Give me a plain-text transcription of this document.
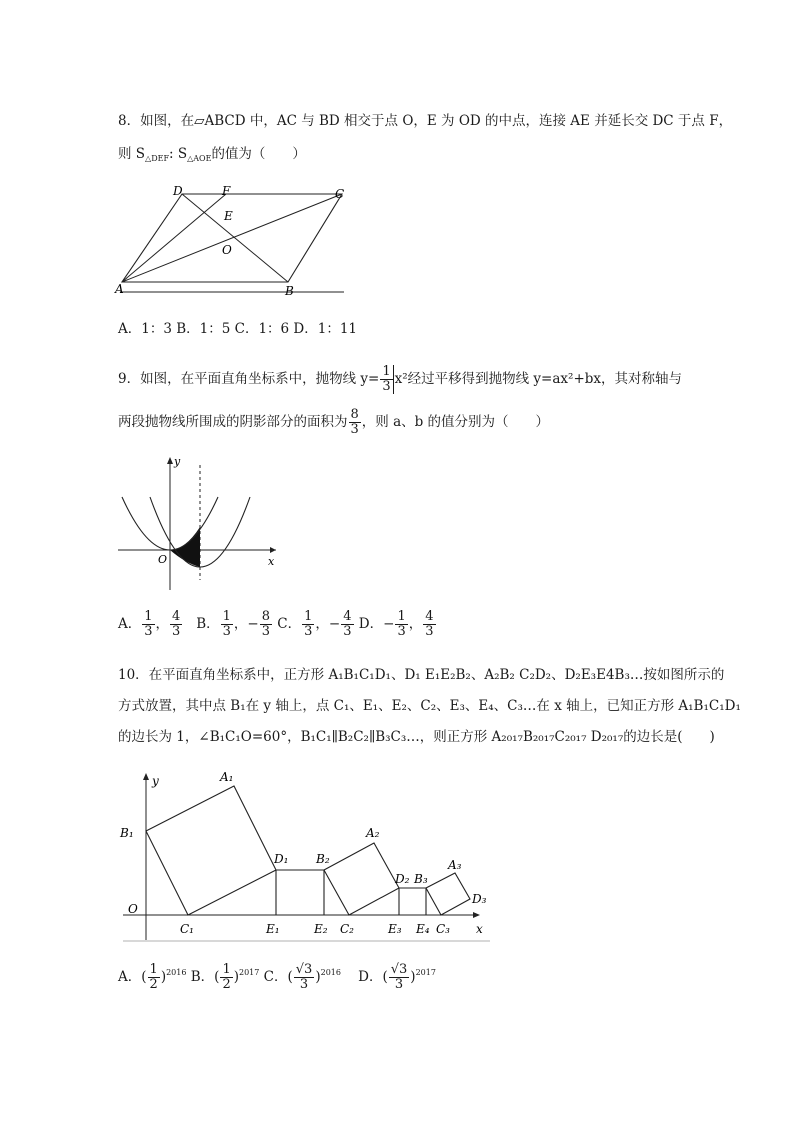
8．如图，在▱ABCD 中，AC 与 BD 相交于点 O，E 为 OD 的中点，连接 AE 并延长交 DC 于点 F，
则 $S_{\triangle DEF}$: $S_{\triangle AOE}$的值为（　　）
A	B
C
D	F
E
O
A．1：3 B．1：5 C．1：6 D．1：11
9．如图，在平面直角坐标系中，抛物线 $y= \frac{1}{3} x^2$经过平移得到抛物线 y=ax²+bx，其对称轴与
两段抛物线所围成的阴影部分的面积为 $\frac{8}{3}$ ，则 a、b 的值分别为（　　）
y
x
O
A． $\frac{1}{3}$ ， $\frac{4}{3}$ B． $\frac{1}{3}$ ，− $\frac{8}{3}$ C． $\frac{1}{3}$ ，− $\frac{4}{3}$ D．− $\frac{1}{3}$ ， $\frac{4}{3}$
10．在平面直角坐标系中，正方形 A₁B₁C₁D₁、D₁ E₁E₂B₂、A₂B₂ C₂D₂、D₂E₃E4B₃…按如图所示的
方式放置，其中点 B₁在 y 轴上，点 C₁、E₁、E₂、C₂、E₃、E₄、C₃…在 x 轴上，已知正方形 A₁B₁C₁D₁
的边长为 1，∠B₁C₁O=60°，B₁C₁∥B₂C₂∥B₃C₃…，则正方形 A₂₀₁₇B₂₀₁₇C₂₀₁₇ D₂₀₁₇的边长是(　　)
y
x
O
A₁
B₁
C₁
D₁
E₁	E₂
B₂
A₂
C₂
D₂ B₃
E₃ E₄ C₃
A₃
D₃
A．( $\frac{1}{2} )^{2016}$ B．( $\frac{1}{2} )^{2017}$ C．( $\frac{√3}{3} )^{2016}$ D．( $\frac{√3}{3} )^{2017}$
